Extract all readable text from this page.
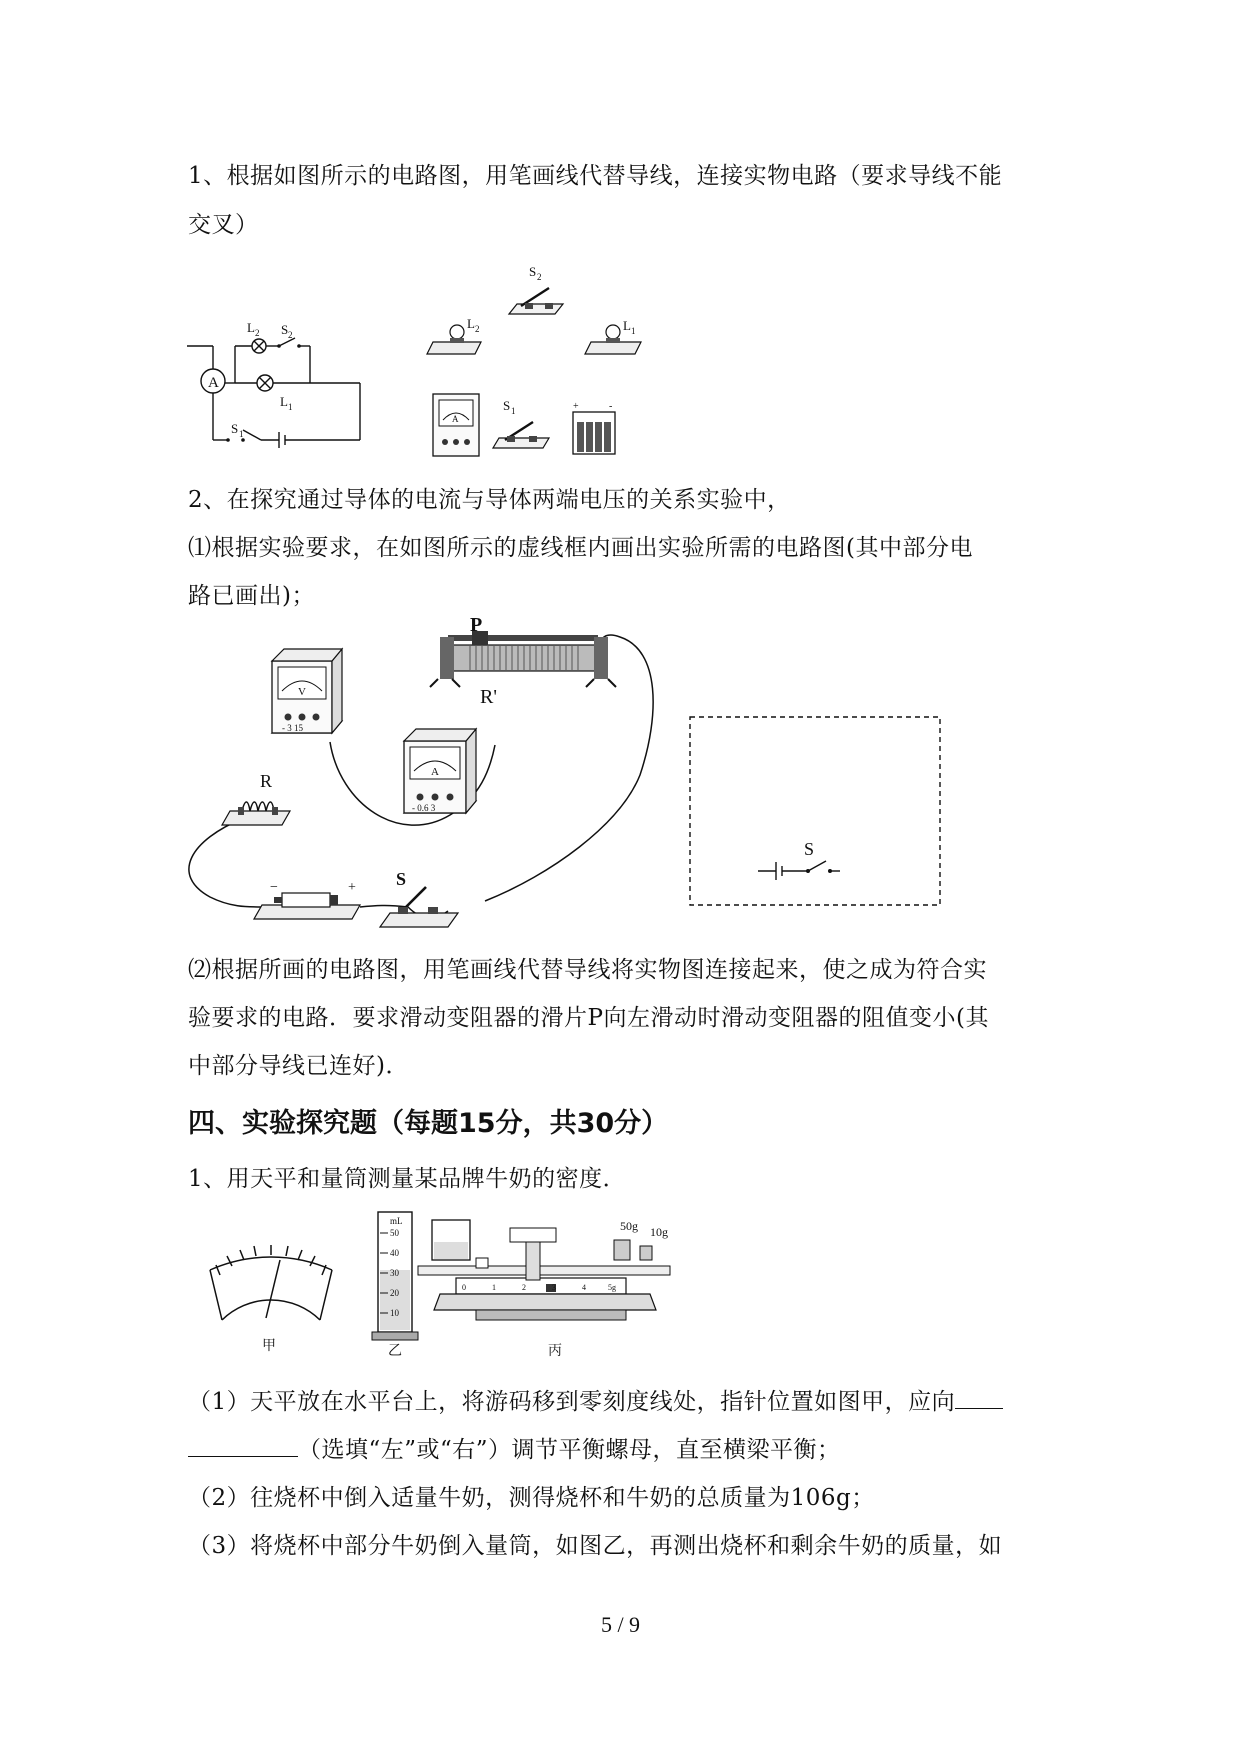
1、根据如图所示的电路图，用笔画线代替导线，连接实物电路（要求导线不能
交叉）
A
L 2 S 2
L 1
S 1
S 2
L 2	L 1
A
S 1	+	-
2、在探究通过导体的电流与导体两端电压的关系实验中，
⑴根据实验要求，在如图所示的虚线框内画出实验所需的电路图(其中部分电
路已画出)；
P
R'
V
- 3 15
A
- 0.6 3
R
−	+ S
S
⑵根据所画的电路图，用笔画线代替导线将实物图连接起来，使之成为符合实
验要求的电路．要求滑动变阻器的滑片P向左滑动时滑动变阻器的阻值变小(其
中部分导线已连好)．
四、实验探究题（每题15分，共30分）
1、用天平和量筒测量某品牌牛奶的密度．
甲
mL
50
40
30
20
10
乙
50g 10g
0	1	2	3	4	5g
丙
（1）天平放在水平台上，将游码移到零刻度线处，指针位置如图甲，应向
（选填“左”或“右”）调节平衡螺母，直至横梁平衡；
（2）往烧杯中倒入适量牛奶，测得烧杯和牛奶的总质量为106g；
（3）将烧杯中部分牛奶倒入量筒，如图乙，再测出烧杯和剩余牛奶的质量，如
5 / 9
